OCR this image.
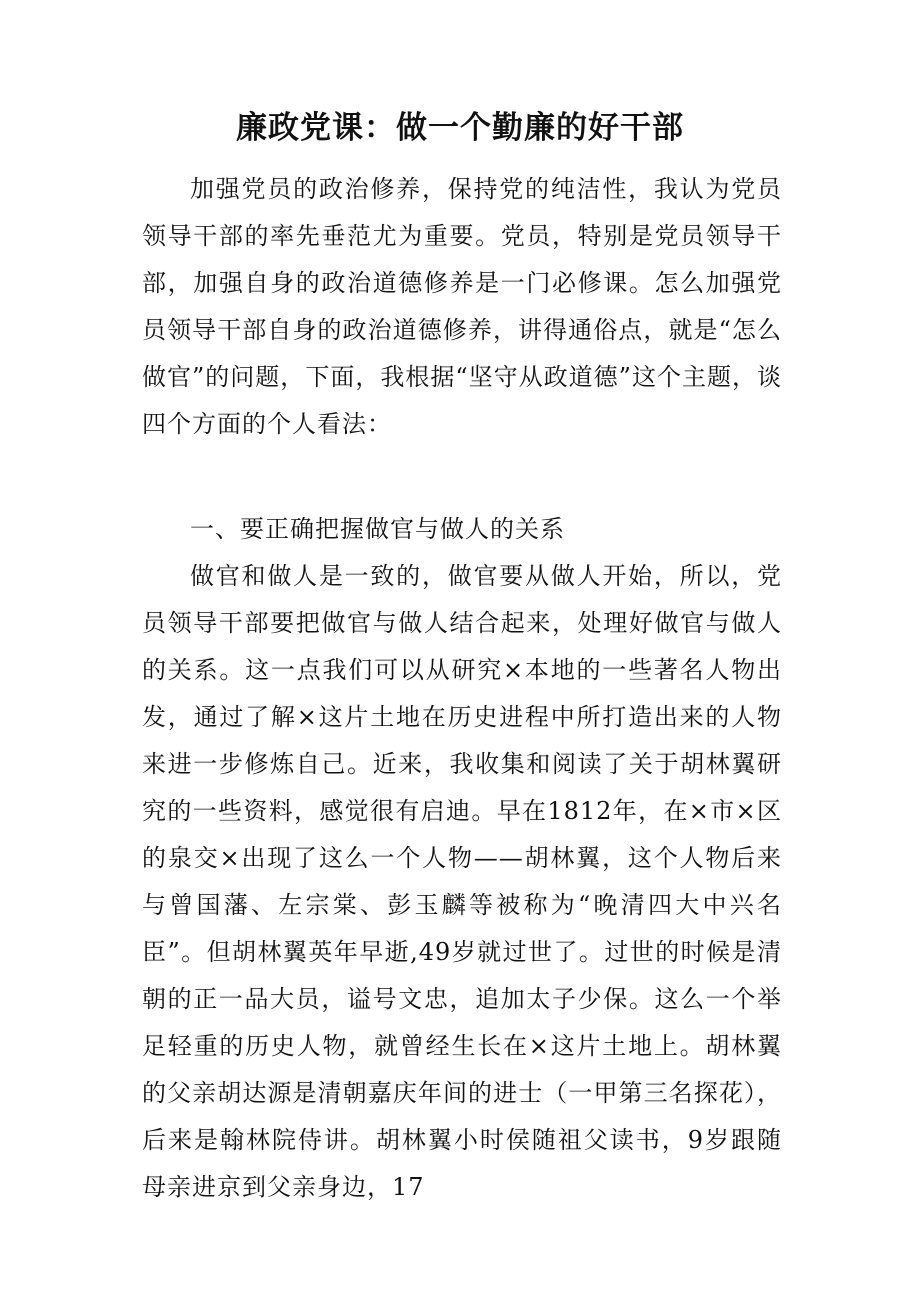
廉政党课：做一个勤廉的好干部

加强党员的政治修养，保持党的纯洁性，我认为党员领导干部的率先垂范尤为重要。党员，特别是党员领导干部，加强自身的政治道德修养是一门必修课。怎么加强党员领导干部自身的政治道德修养，讲得通俗点，就是“怎么做官”的问题，下面，我根据“坚守从政道德”这个主题，谈四个方面的个人看法：

一、要正确把握做官与做人的关系

做官和做人是一致的，做官要从做人开始，所以，党员领导干部要把做官与做人结合起来，处理好做官与做人的关系。这一点我们可以从研究×本地的一些著名人物出发，通过了解×这片土地在历史进程中所打造出来的人物来进一步修炼自己。近来，我收集和阅读了关于胡林翼研究的一些资料，感觉很有启迪。早在1812年，在×市×区的泉交×出现了这么一个人物——胡林翼，这个人物后来与曾国藩、左宗棠、彭玉麟等被称为“晚清四大中兴名臣”。但胡林翼英年早逝,49岁就过世了。过世的时候是清朝的正一品大员，谥号文忠，追加太子少保。这么一个举足轻重的历史人物，就曾经生长在×这片土地上。胡林翼的父亲胡达源是清朝嘉庆年间的进士（一甲第三名探花），后来是翰林院侍讲。胡林翼小时侯随祖父读书，9岁跟随母亲进京到父亲身边，17
